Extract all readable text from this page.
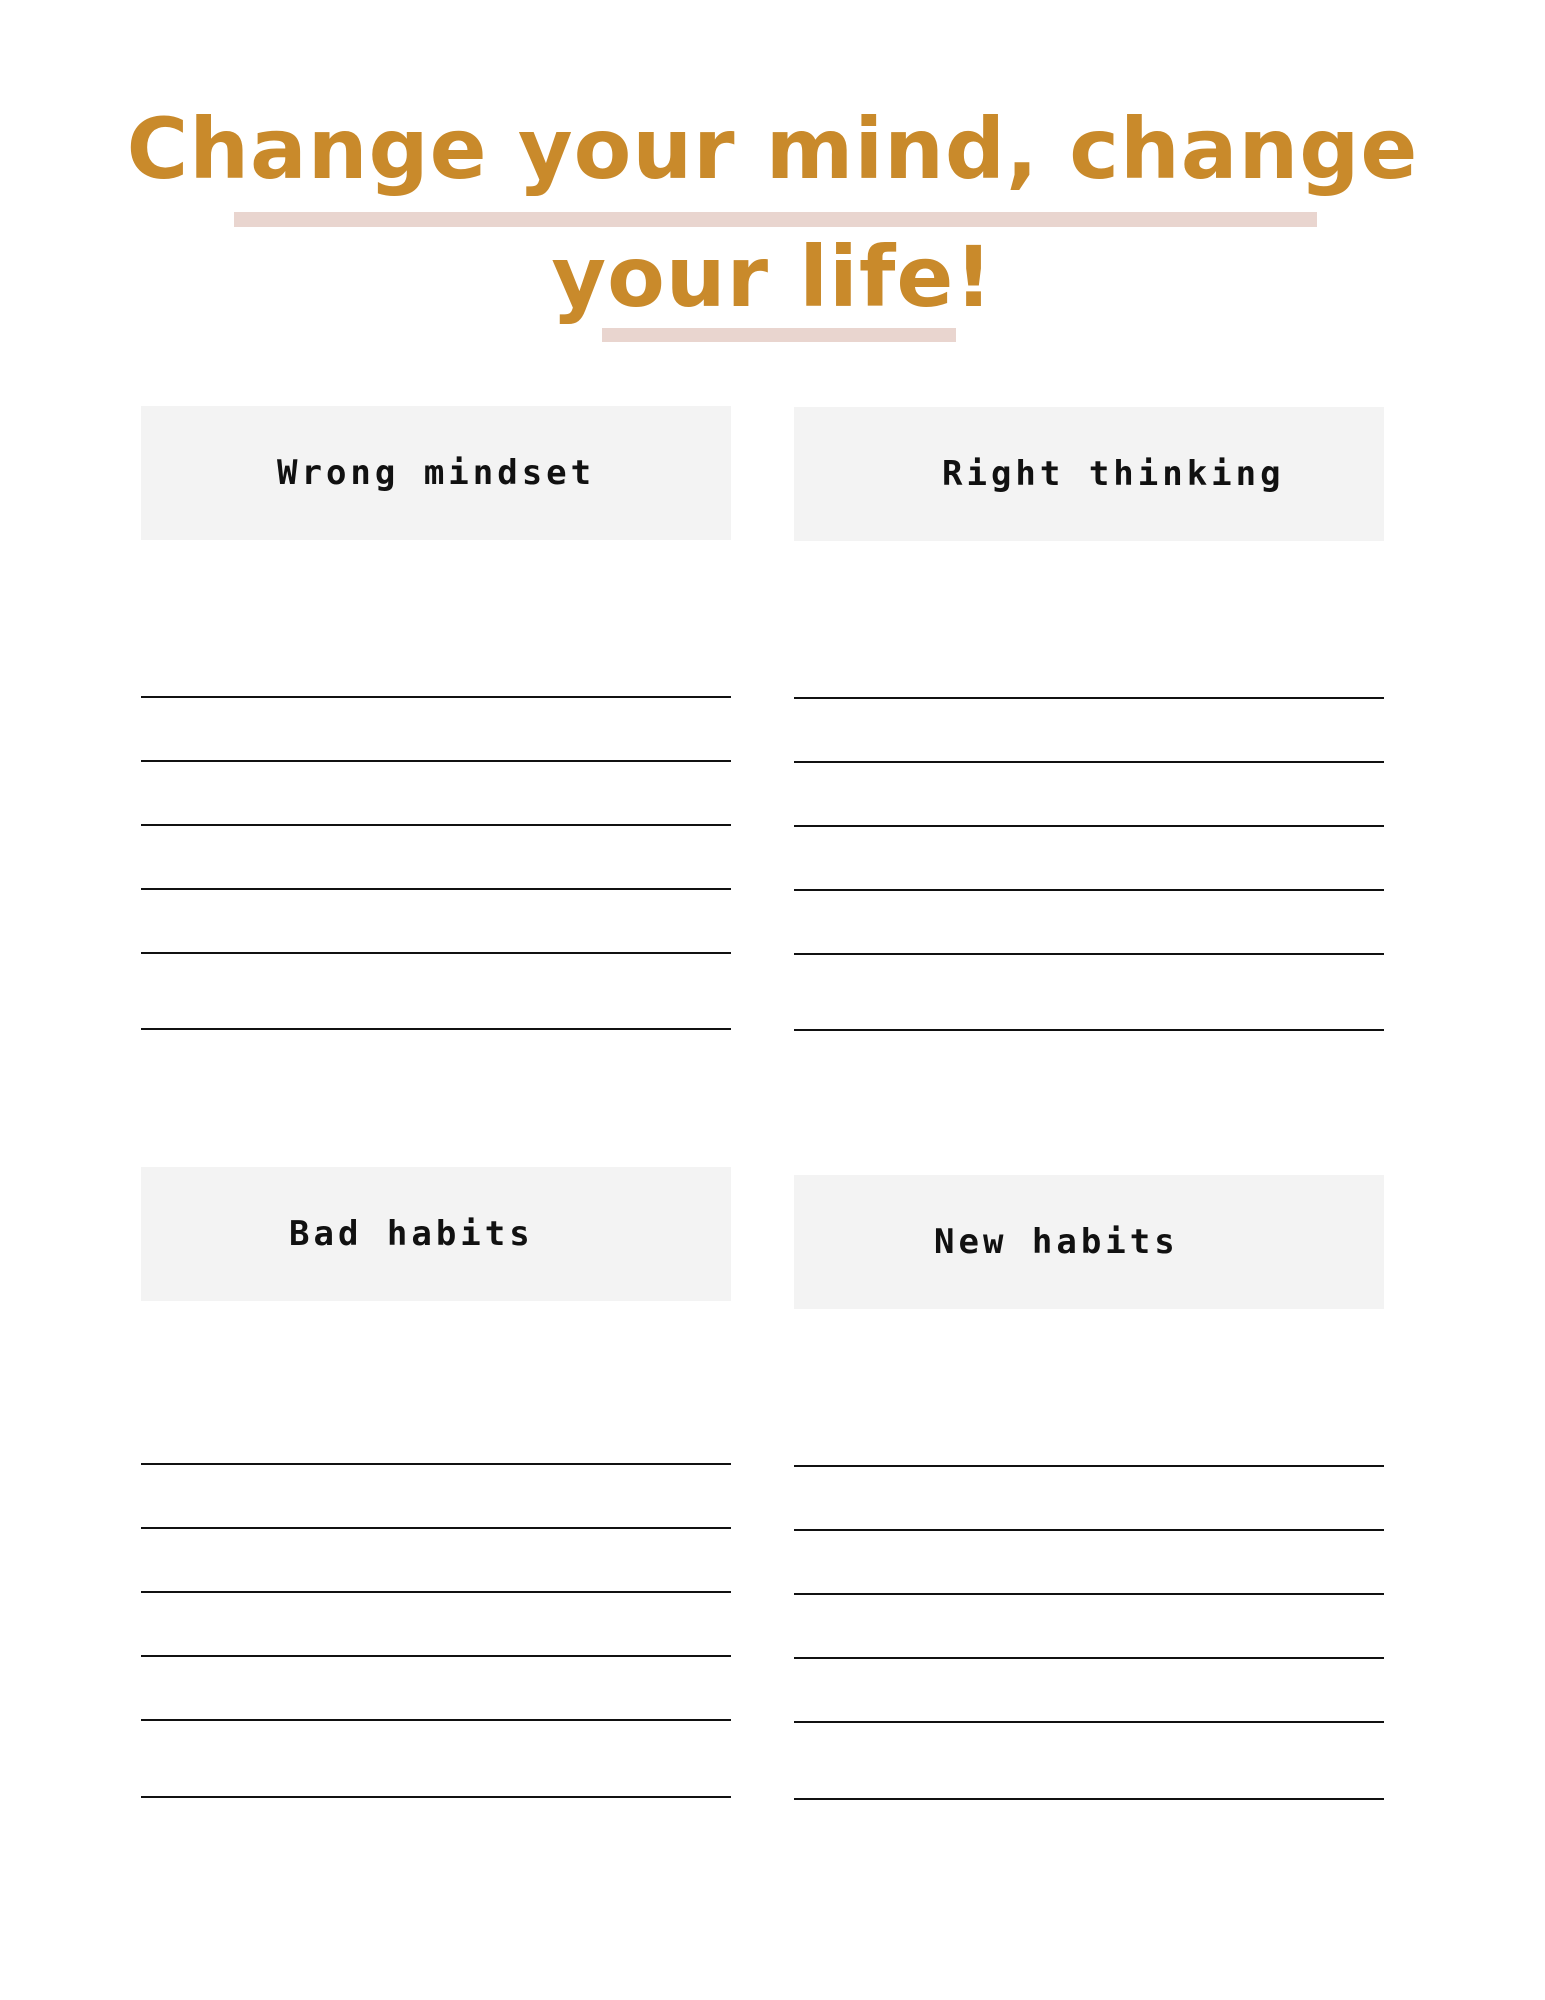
Change your mind, change
your life!
Wrong mindset	Right thinking
Bad habits	New habits
